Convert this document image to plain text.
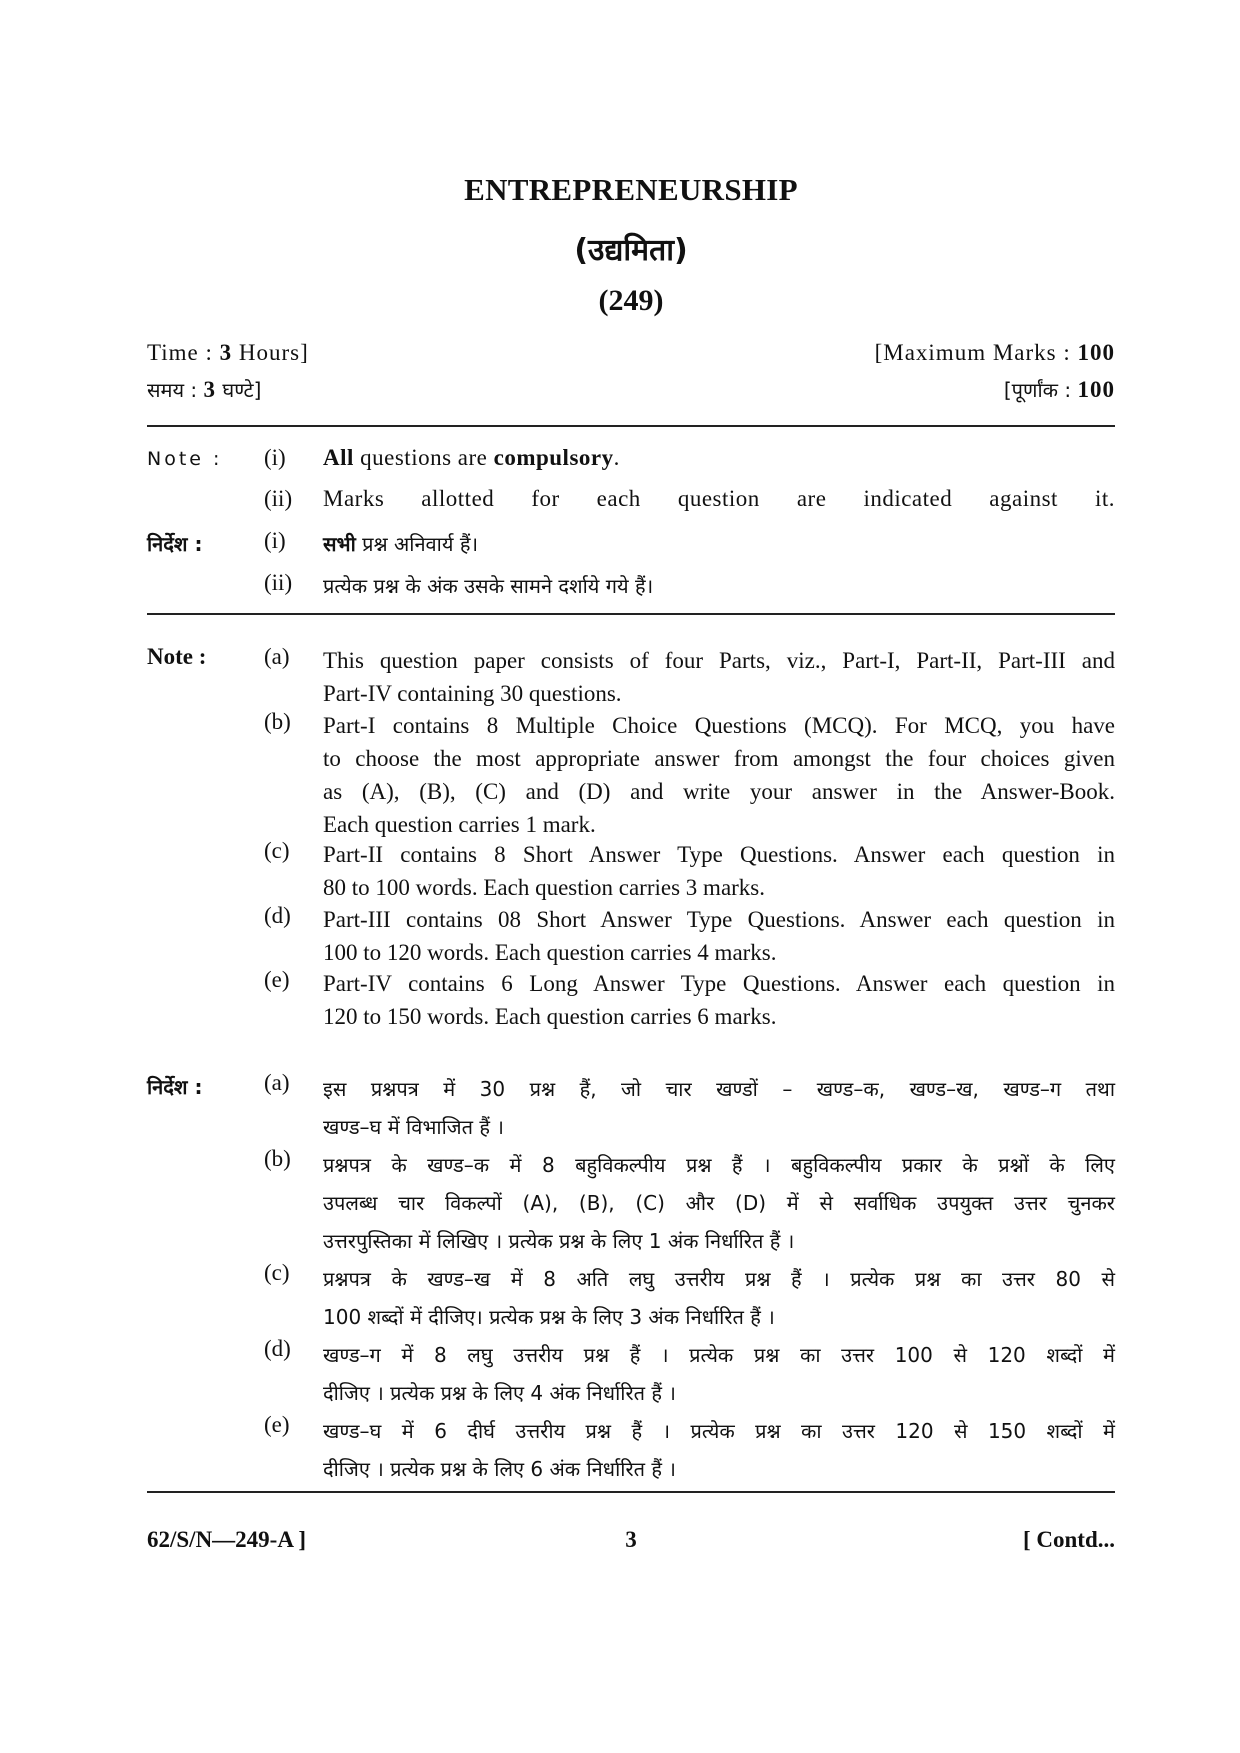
ENTREPRENEURSHIP
(उद्यमिता)
(249)
Time : 3 Hours]	[Maximum Marks : 100
समय : 3 घण्टे]	[पूर्णांक : 100
Note : (i) All questions are compulsory.
(ii) Marks allotted for each question are indicated against it.
निर्देश :	(i) सभी प्रश्न अनिवार्य हैं।
(ii) प्रत्येक प्रश्न के अंक उसके सामने दर्शाये गये हैं।
Note :	(a) This question paper consists of four Parts, viz., Part-I, Part-II, Part-III and
Part-IV containing 30 questions.
(b) Part-I contains 8 Multiple Choice Questions (MCQ). For MCQ, you have
to choose the most appropriate answer from amongst the four choices given
as (A), (B), (C) and (D) and write your answer in the Answer-Book.
Each question carries 1 mark.
(c) Part-II contains 8 Short Answer Type Questions. Answer each question in
80 to 100 words. Each question carries 3 marks.
(d) Part-III contains 08 Short Answer Type Questions. Answer each question in
100 to 120 words. Each question carries 4 marks.
(e) Part-IV contains 6 Long Answer Type Questions. Answer each question in
120 to 150 words. Each question carries 6 marks.
निर्देश :	(a) इस प्रश्नपत्र में 30 प्रश्न हैं, जो चार खण्डों – खण्ड–क, खण्ड–ख, खण्ड–ग तथा
खण्ड–घ में विभाजित हैं ।
(b) प्रश्नपत्र के खण्ड–क में 8 बहुविकल्पीय प्रश्न हैं । बहुविकल्पीय प्रकार के प्रश्नों के लिए
उपलब्ध चार विकल्पों (A), (B), (C) और (D) में से सर्वाधिक उपयुक्त उत्तर चुनकर
उत्तरपुस्तिका में लिखिए । प्रत्येक प्रश्न के लिए 1 अंक निर्धारित हैं ।
(c) प्रश्नपत्र के खण्ड–ख में 8 अति लघु उत्तरीय प्रश्न हैं । प्रत्येक प्रश्न का उत्तर 80 से
100 शब्दों में दीजिए। प्रत्येक प्रश्न के लिए 3 अंक निर्धारित हैं ।
(d) खण्ड–ग में 8 लघु उत्तरीय प्रश्न हैं । प्रत्येक प्रश्न का उत्तर 100 से 120 शब्दों में
दीजिए । प्रत्येक प्रश्न के लिए 4 अंक निर्धारित हैं ।
(e) खण्ड–घ में 6 दीर्घ उत्तरीय प्रश्न हैं । प्रत्येक प्रश्न का उत्तर 120 से 150 शब्दों में
दीजिए । प्रत्येक प्रश्न के लिए 6 अंक निर्धारित हैं ।
62/S/N—249-A ]	3	[ Contd...
